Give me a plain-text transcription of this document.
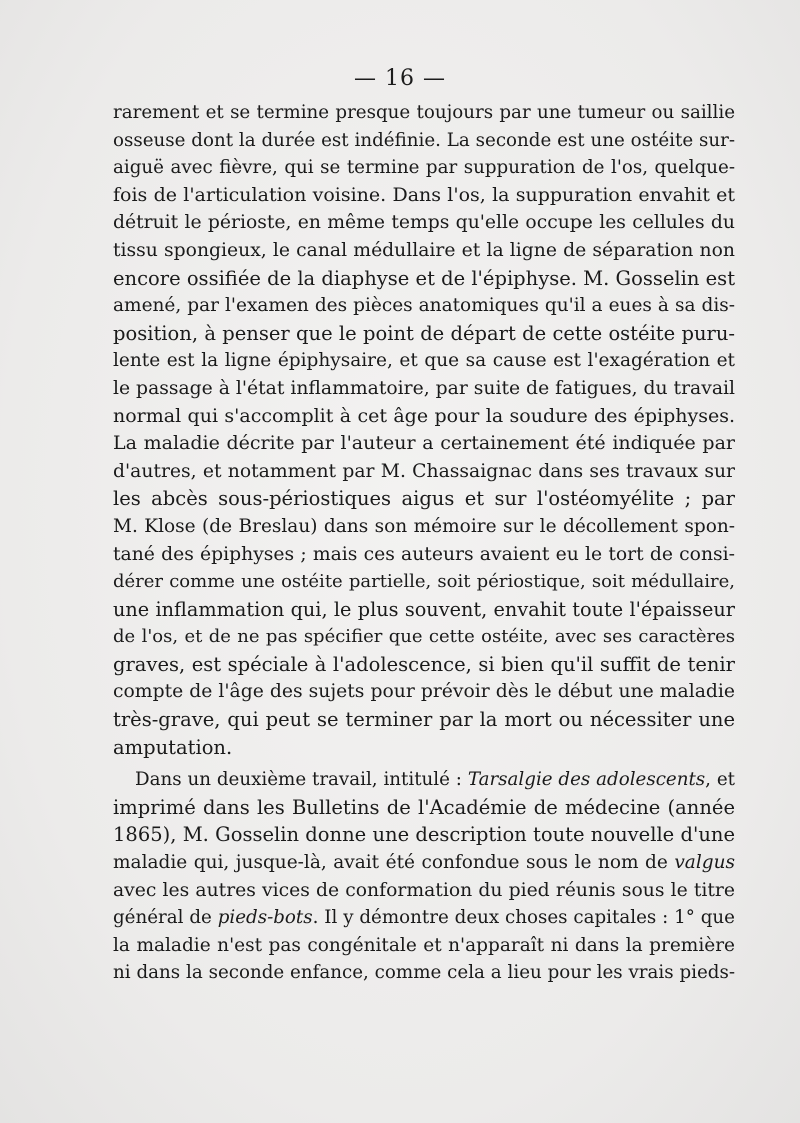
— 16 —
rarement et se termine presque toujours par une tumeur ou saillie
osseuse dont la durée est indéfinie. La seconde est une ostéite sur-
aiguë avec fièvre, qui se termine par suppuration de l'os, quelque-
fois de l'articulation voisine. Dans l'os, la suppuration envahit et
détruit le périoste, en même temps qu'elle occupe les cellules du
tissu spongieux, le canal médullaire et la ligne de séparation non
encore ossifiée de la diaphyse et de l'épiphyse. M. Gosselin est
amené, par l'examen des pièces anatomiques qu'il a eues à sa dis-
position, à penser que le point de départ de cette ostéite puru-
lente est la ligne épiphysaire, et que sa cause est l'exagération et
le passage à l'état inflammatoire, par suite de fatigues, du travail
normal qui s'accomplit à cet âge pour la soudure des épiphyses.
La maladie décrite par l'auteur a certainement été indiquée par
d'autres, et notamment par M. Chassaignac dans ses travaux sur
les abcès sous-périostiques aigus et sur l'ostéomyélite ; par
M. Klose (de Breslau) dans son mémoire sur le décollement spon-
tané des épiphyses ; mais ces auteurs avaient eu le tort de consi-
dérer comme une ostéite partielle, soit périostique, soit médullaire,
une inflammation qui, le plus souvent, envahit toute l'épaisseur
de l'os, et de ne pas spécifier que cette ostéite, avec ses caractères
graves, est spéciale à l'adolescence, si bien qu'il suffit de tenir
compte de l'âge des sujets pour prévoir dès le début une maladie
très-grave, qui peut se terminer par la mort ou nécessiter une
amputation.
Dans un deuxième travail, intitulé : Tarsalgie des adolescents, et
imprimé dans les Bulletins de l'Académie de médecine (année
1865), M. Gosselin donne une description toute nouvelle d'une
maladie qui, jusque-là, avait été confondue sous le nom de valgus
avec les autres vices de conformation du pied réunis sous le titre
général de pieds-bots. Il y démontre deux choses capitales : 1° que
la maladie n'est pas congénitale et n'apparaît ni dans la première
ni dans la seconde enfance, comme cela a lieu pour les vrais pieds-
